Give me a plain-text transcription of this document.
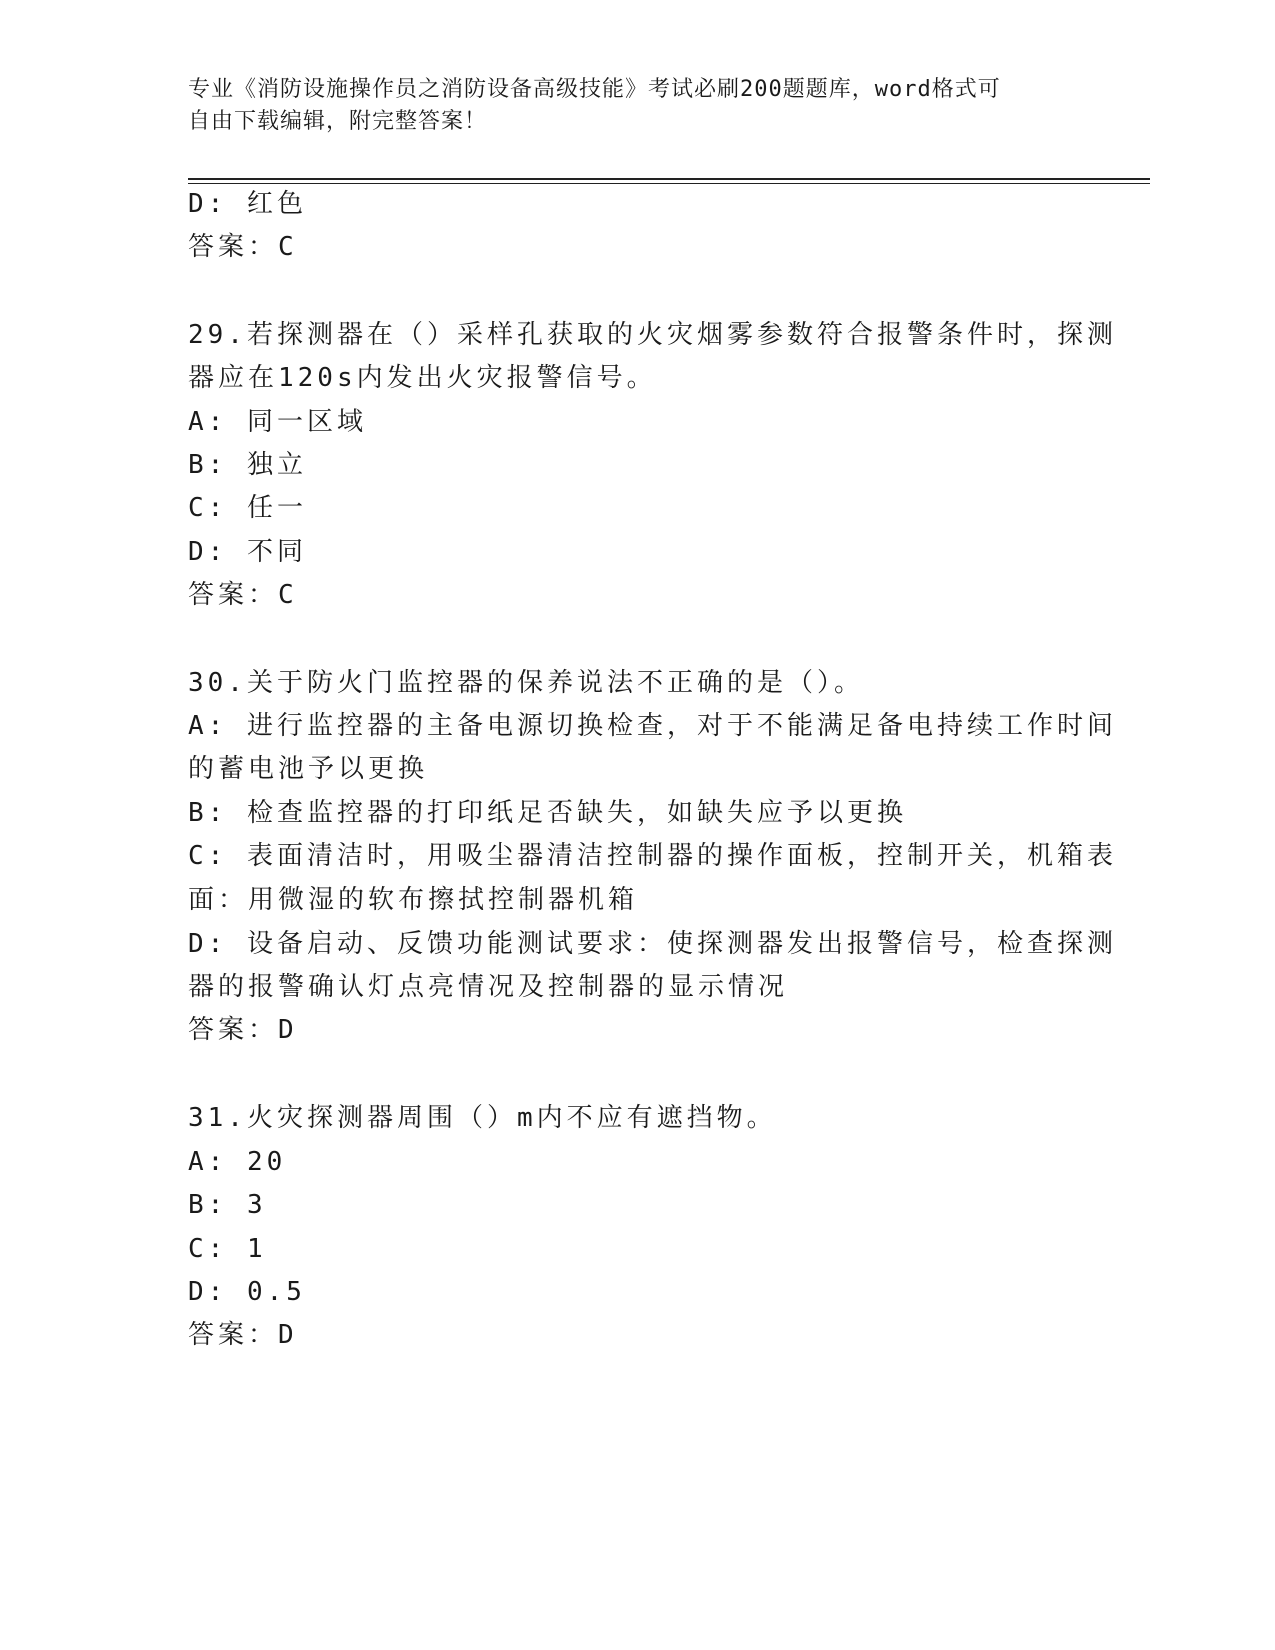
专业《消防设施操作员之消防设备高级技能》考试必刷200题题库，word格式可
自由下载编辑，附完整答案！
D: 红色
答案：C
29.若探测器在（）采样孔获取的火灾烟雾参数符合报警条件时，探测
器应在120s内发出火灾报警信号。
A: 同一区域
B: 独立
C: 任一
D: 不同
答案：C
30.关于防火门监控器的保养说法不正确的是（）。
A: 进行监控器的主备电源切换检查，对于不能满足备电持续工作时间
的蓄电池予以更换
B: 检查监控器的打印纸足否缺失，如缺失应予以更换
C: 表面清洁时，用吸尘器清洁控制器的操作面板，控制开关，机箱表
面：用微湿的软布擦拭控制器机箱
D: 设备启动、反馈功能测试要求：使探测器发出报警信号，检查探测
器的报警确认灯点亮情况及控制器的显示情况
答案：D
31.火灾探测器周围（）m内不应有遮挡物。
A: 20
B: 3
C: 1
D: 0.5
答案：D
